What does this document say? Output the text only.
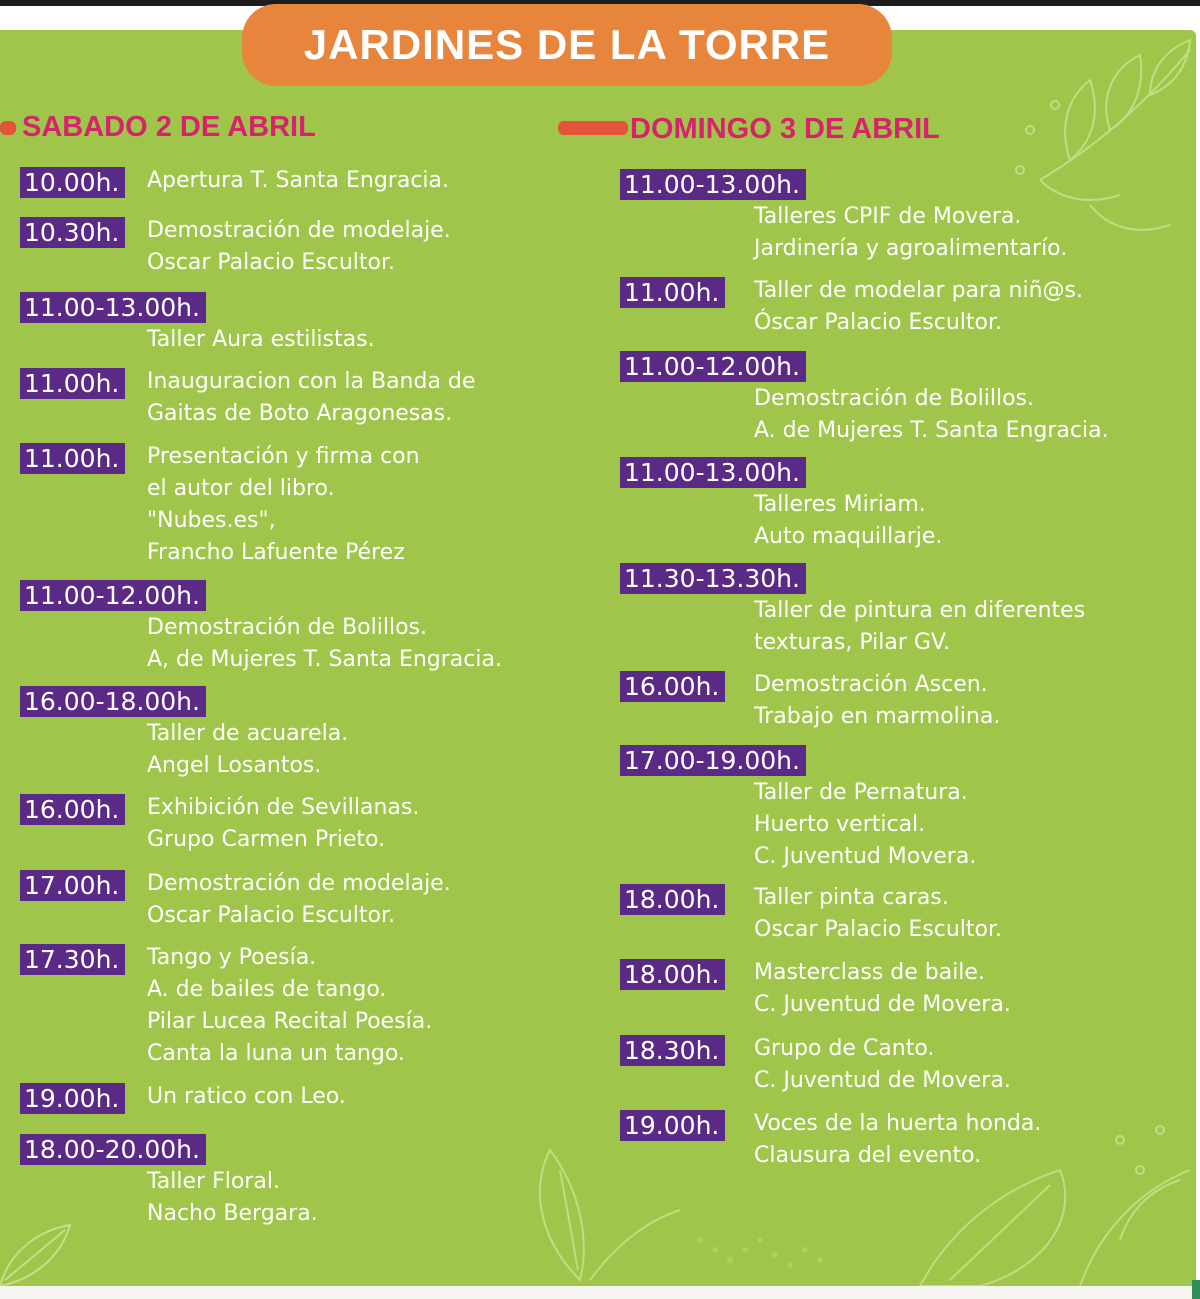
JARDINES DE LA TORRE
SABADO 2 DE ABRIL	DOMINGO 3 DE ABRIL
10.00h. Apertura T. Santa Engracia.
10.30h. Demostración de modelaje.
Oscar Palacio Escultor.
11.00-13.00h.
Taller Aura estilistas.
11.00h. Inauguracion con la Banda de
Gaitas de Boto Aragonesas.
11.00h. Presentación y firma con
el autor del libro.
"Nubes.es",
Francho Lafuente Pérez
11.00-12.00h.
Demostración de Bolillos.
A, de Mujeres T. Santa Engracia.
16.00-18.00h.
Taller de acuarela.
Angel Losantos.
16.00h. Exhibición de Sevillanas.
Grupo Carmen Prieto.
17.00h. Demostración de modelaje.
Oscar Palacio Escultor.
17.30h. Tango y Poesía.
A. de bailes de tango.
Pilar Lucea Recital Poesía.
Canta la luna un tango.
19.00h. Un ratico con Leo.
18.00-20.00h.
Taller Floral.
Nacho Bergara.
11.00-13.00h.
Talleres CPIF de Movera.
Jardinería y agroalimentarío.
11.00h. Taller de modelar para niñ@s.
Óscar Palacio Escultor.
11.00-12.00h.
Demostración de Bolillos.
A. de Mujeres T. Santa Engracia.
11.00-13.00h.
Talleres Miriam.
Auto maquillarje.
11.30-13.30h.
Taller de pintura en diferentes
texturas, Pilar GV.
16.00h. Demostración Ascen.
Trabajo en marmolina.
17.00-19.00h.
Taller de Pernatura.
Huerto vertical.
C. Juventud Movera.
18.00h. Taller pinta caras.
Oscar Palacio Escultor.
18.00h. Masterclass de baile.
C. Juventud de Movera.
18.30h. Grupo de Canto.
C. Juventud de Movera.
19.00h. Voces de la huerta honda.
Clausura del evento.
